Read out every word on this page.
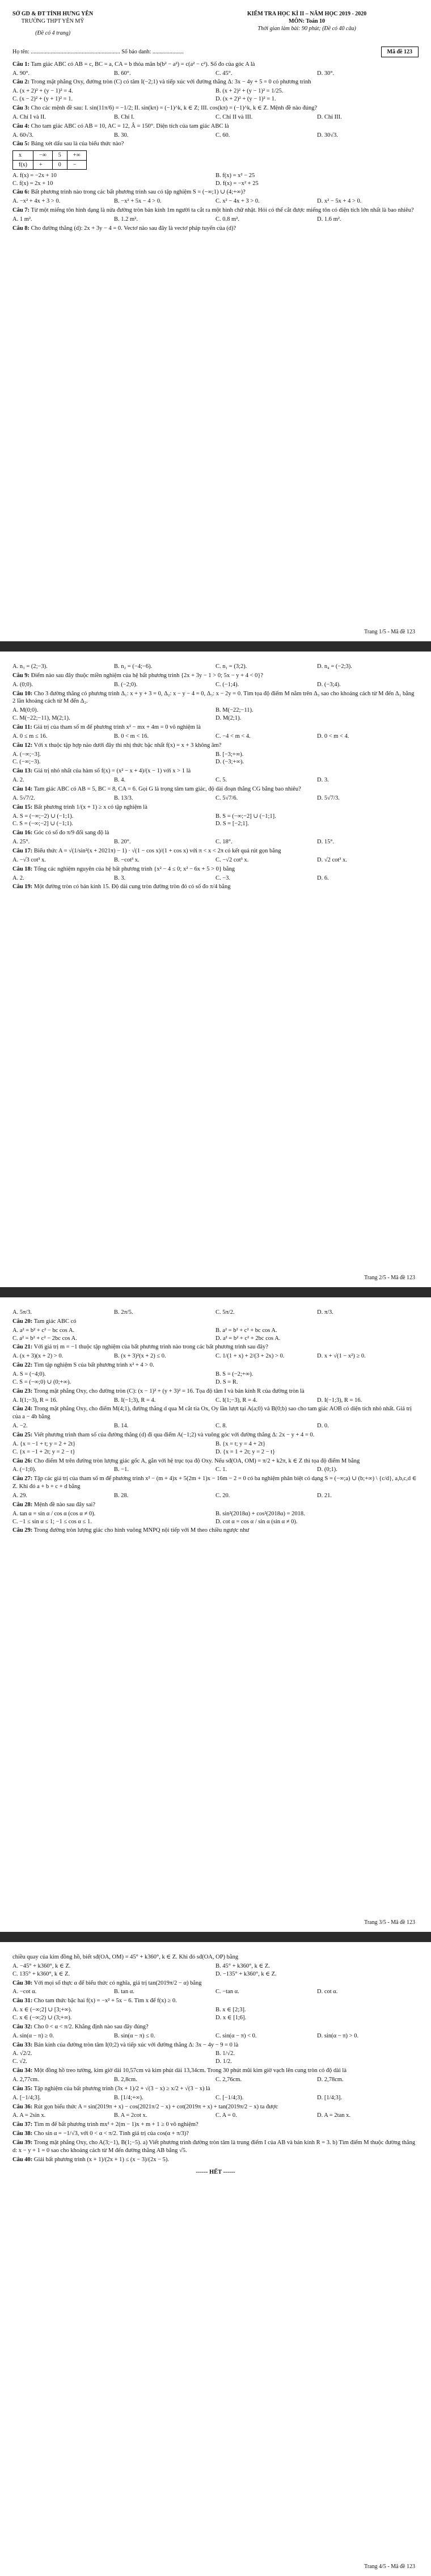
SỞ GD & ĐT TỈNH HƯNG YÊN
TRƯỜNG THPT YÊN MỸ
(Đề có 4 trang)
KIỂM TRA HỌC KÌ II – NĂM HỌC 2019 - 2020
MÔN: Toán 10
Thời gian làm bài: 90 phút; (Đề có 40 câu)
Họ tên: ............................................................... Số báo danh: ......................	Mã đề 123
Câu 1: Tam giác ABC có AB = c, BC = a, CA = b thỏa mãn b(b² − a²) = c(a² − c²). Số đo của góc A là
A. 90°.	B. 60°.	C. 45°.	D. 30°.
Câu 2: Trong mặt phẳng Oxy, đường tròn (C) có tâm I(−2;1) và tiếp xúc với đường thẳng Δ: 3x − 4y + 5 = 0 có phương trình
A. (x + 2)² + (y − 1)² = 4.	B. (x + 2)² + (y − 1)² = 1/25.
C. (x − 2)² + (y + 1)² = 1.	D. (x + 2)² + (y − 1)² = 1.
Câu 3: Cho các mệnh đề sau: I. sin(11π/6) = −1/2; II. sin(kπ) = (−1)^k, k ∈ Z; III. cos(kπ) = (−1)^k, k ∈ Z. Mệnh đề nào đúng?
A. Chỉ I và II.	B. Chỉ I.	C. Chỉ II và III.	D. Chỉ III.
Câu 4: Cho tam giác ABC có AB = 10, AC = 12, Â = 150°. Diện tích của tam giác ABC là
A. 60√3.	B. 30.	C. 60.	D. 30√3.
Câu 5: Bảng xét dấu sau là của biểu thức nào?
x	−∞	5	+∞
f(x)	+	0	−
A. f(x) = −2x + 10	B. f(x) = x² − 25
C. f(x) = 2x + 10	D. f(x) = −x² + 25
Câu 6: Bất phương trình nào trong các bất phương trình sau có tập nghiệm S = (−∞;1) ∪ (4;+∞)?
A. −x² + 4x + 3 > 0.	B. −x² + 5x − 4 > 0.	C. x² − 4x + 3 > 0.	D. x² − 5x + 4 > 0.
Câu 7: Từ một miếng tôn hình dạng là nửa đường tròn bán kính 1m người ta cắt ra một hình chữ nhật. Hỏi có thể cắt được miếng tôn có diện tích lớn nhất là bao nhiêu?
A. 1 m².	B. 1.2 m².	C. 0.8 m².	D. 1.6 m².
Câu 8: Cho đường thẳng (d): 2x + 3y − 4 = 0. Vectơ nào sau đây là vectơ pháp tuyến của (d)?
Trang 1/5 - Mã đề 123
A. n₃ = (2;−3).	B. n₂ = (−4;−6).	C. n₁ = (3;2).	D. n₄ = (−2;3).
Câu 9: Điểm nào sau đây thuộc miền nghiệm của hệ bất phương trình {2x + 3y − 1 > 0; 5x − y + 4 < 0}?
A. (0;0).	B. (−2;0).	C. (−1;4).	D. (−3;4).
Câu 10: Cho 3 đường thẳng có phương trình Δ₁: x + y + 3 = 0, Δ₂: x − y − 4 = 0, Δ₃: x − 2y = 0. Tìm tọa độ điểm M nằm trên Δ₃ sao cho khoảng cách từ M đến Δ₁ bằng 2 lần khoảng cách từ M đến Δ₂.
A. M(0;0).	B. M(−22;−11).
C. M(−22;−11), M(2;1).	D. M(2;1).
Câu 11: Giá trị của tham số m để phương trình x² − mx + 4m = 0 vô nghiệm là
A. 0 ≤ m ≤ 16.	B. 0 < m < 16.	C. −4 < m < 4.	D. 0 < m < 4.
Câu 12: Với x thuộc tập hợp nào dưới đây thì nhị thức bậc nhất f(x) = x + 3 không âm?
A. (−∞;−3].	B. [−3;+∞).
C. (−∞;−3).	D. (−3;+∞).
Câu 13: Giá trị nhỏ nhất của hàm số f(x) = (x² − x + 4)/(x − 1) với x > 1 là
A. 2.	B. 4.	C. 5.	D. 3.
Câu 14: Tam giác ABC có AB = 5, BC = 8, CA = 6. Gọi G là trọng tâm tam giác, độ dài đoạn thẳng CG bằng bao nhiêu?
A. 5√7/2.	B. 13/3.	C. 5√7/6.	D. 5√7/3.
Câu 15: Bất phương trình 1/(x + 1) ≥ x có tập nghiệm là
A. S = (−∞;−2) ∪ (−1;1).	B. S = (−∞;−2] ∪ (−1;1].
C. S = (−∞;−2] ∪ (−1;1).	D. S = [−2;1].
Câu 16: Góc có số đo π/9 đổi sang độ là
A. 25°.	B. 20°.	C. 18°.	D. 15°.
Câu 17: Biểu thức A = √(1/sin²(x + 2021π) − 1) · √(1 − cos x)/(1 + cos x) với π < x < 2π có kết quả rút gọn bằng
A. −√3 cot³ x.	B. −cot³ x.	C. −√2 cot³ x.	D. √2 cot³ x.
Câu 18: Tổng các nghiệm nguyên của hệ bất phương trình {x² − 4 ≤ 0; x² − 6x + 5 > 0} bằng
A. 2.	B. 3.	C. −3.	D. 6.
Câu 19: Một đường tròn có bán kính 15. Độ dài cung tròn đường tròn đó có số đo π/4 bằng
Trang 2/5 - Mã đề 123
A. 5π/3.	B. 2π/5.	C. 5π/2.	D. π/3.
Câu 20: Tam giác ABC có
A. a² = b² + c² − bc cos A.	B. a² = b² + c² + bc cos A.
C. a² = b² + c² − 2bc cos A.	D. a² = b² + c² + 2bc cos A.
Câu 21: Với giá trị m = −1 thuộc tập nghiệm của bất phương trình nào trong các bất phương trình sau đây?
A. (x + 3)(x + 2) > 0.	B. (x + 3)²(x + 2) ≤ 0.	C. 1/(1 + x) + 2/(3 + 2x) > 0.	D. x + √(1 − x²) ≥ 0.
Câu 22: Tìm tập nghiệm S của bất phương trình x² + 4 > 0.
A. S = (−4;0).	B. S = (−2;+∞).
C. S = (−∞;0) ∪ (0;+∞).	D. S = R.
Câu 23: Trong mặt phẳng Oxy, cho đường tròn (C): (x − 1)² + (y + 3)² = 16. Tọa độ tâm I và bán kính R của đường tròn là
A. I(1;−3), R = 16.	B. I(−1;3), R = 4.	C. I(1;−3), R = 4.	D. I(−1;3), R = 16.
Câu 24: Trong mặt phẳng Oxy, cho điểm M(4;1), đường thẳng d qua M cắt tia Ox, Oy lần lượt tại A(a;0) và B(0;b) sao cho tam giác AOB có diện tích nhỏ nhất. Giá trị của a − 4b bằng
A. −2.	B. 14.	C. 8.	D. 0.
Câu 25: Viết phương trình tham số của đường thẳng (d) đi qua điểm A(−1;2) và vuông góc với đường thẳng Δ: 2x − y + 4 = 0.
A. {x = −1 + t; y = 2 + 2t}	B. {x = t; y = 4 + 2t}
C. {x = −1 + 2t; y = 2 − t}	D. {x = 1 + 2t; y = 2 − t}
Câu 26: Cho điểm M trên đường tròn lượng giác gốc A, gắn với hệ trục tọa độ Oxy. Nếu sđ(OA, OM) = π/2 + k2π, k ∈ Z thì tọa độ điểm M bằng
A. (−1;0).	B. −1.	C. 1.	D. (0;1).
Câu 27: Tập các giá trị của tham số m để phương trình x² − (m + 4)x + 5(2m + 1)x − 16m − 2 = 0 có ba nghiệm phân biệt có dạng S = (−∞;a) ∪ (b;+∞) \ {c/d}, a,b,c,d ∈ Z. Khi đó a + b + c + d bằng
A. 29.	B. 28.	C. 20.	D. 21.
Câu 28: Mệnh đề nào sau đây sai?
A. tan α = sin α / cos α (cos α ≠ 0).	B. sin²(2018α) + cos²(2018α) = 2018.
C. −1 ≤ sin α ≤ 1; −1 ≤ cos α ≤ 1.	D. cot α = cos α / sin α (sin α ≠ 0).
Câu 29: Trong đường tròn lượng giác cho hình vuông MNPQ nội tiếp với M theo chiều ngược như
Trang 3/5 - Mã đề 123
chiều quay của kim đồng hồ, biết sđ(OA, OM) = 45° + k360°, k ∈ Z. Khi đó sđ(OA, OP) bằng
A. −45° + k360°, k ∈ Z.	B. 45° + k360°, k ∈ Z.
C. 135° + k360°, k ∈ Z.	D. −135° + k360°, k ∈ Z.
Câu 30: Với mọi số thực α để biểu thức có nghĩa, giá trị tan(2019π/2 − α) bằng
A. −cot α.	B. tan α.	C. −tan α.	D. cot α.
Câu 31: Cho tam thức bậc hai f(x) = −x² + 5x − 6. Tìm x để f(x) ≥ 0.
A. x ∈ (−∞;2] ∪ [3;+∞).	B. x ∈ [2;3].
C. x ∈ (−∞;2) ∪ (3;+∞).	D. x ∈ [1;6].
Câu 32: Cho 0 < α < π/2. Khẳng định nào sau đây đúng?
A. sin(α − π) ≥ 0.	B. sin(α − π) ≤ 0.	C. sin(α − π) < 0.	D. sin(α − π) > 0.
Câu 33: Bán kính của đường tròn tâm I(0;2) và tiếp xúc với đường thẳng Δ: 3x − 4y − 9 = 0 là
A. √2/2.	B. 1/√2.
C. √2.	D. 1/2.
Câu 34: Một đồng hồ treo tường, kim giờ dài 10,57cm và kim phút dài 13,34cm. Trong 30 phút mũi kim giờ vạch lên cung tròn có độ dài là
A. 2,77cm.	B. 2,8cm.	C. 2,76cm.	D. 2,78cm.
Câu 35: Tập nghiệm của bất phương trình (3x + 1)/2 + √(3 − x) ≥ x/2 + √(3 − x) là
A. [−1/4;3].	B. [1/4;+∞).	C. [−1/4;3).	D. [1/4;3].
Câu 36: Rút gọn biểu thức A = sin(2019π + x) − cos(2021π/2 − x) + cot(2019π + x) + tan(2019π/2 − x) ta được
A. A = 2sin x.	B. A = 2cot x.	C. A = 0.	D. A = 2tan x.
Câu 37: Tìm m để bất phương trình mx² + 2(m − 1)x + m + 1 ≥ 0 vô nghiệm?
Câu 38: Cho sin α = −1/√3, với 0 < α < π/2. Tính giá trị của cos(α + π/3)?
Câu 39: Trong mặt phẳng Oxy, cho A(3;−1), B(1;−5). a) Viết phương trình đường tròn tâm là trung điểm I của AB và bán kính R = 3. b) Tìm điểm M thuộc đường thẳng d: x − y + 1 = 0 sao cho khoảng cách từ M đến đường thẳng AB bằng √5.
Câu 40: Giải bất phương trình (x + 1)/(2x + 1) ≤ (x − 3)/(2x − 5).
------ HẾT ------
Trang 4/5 - Mã đề 123
